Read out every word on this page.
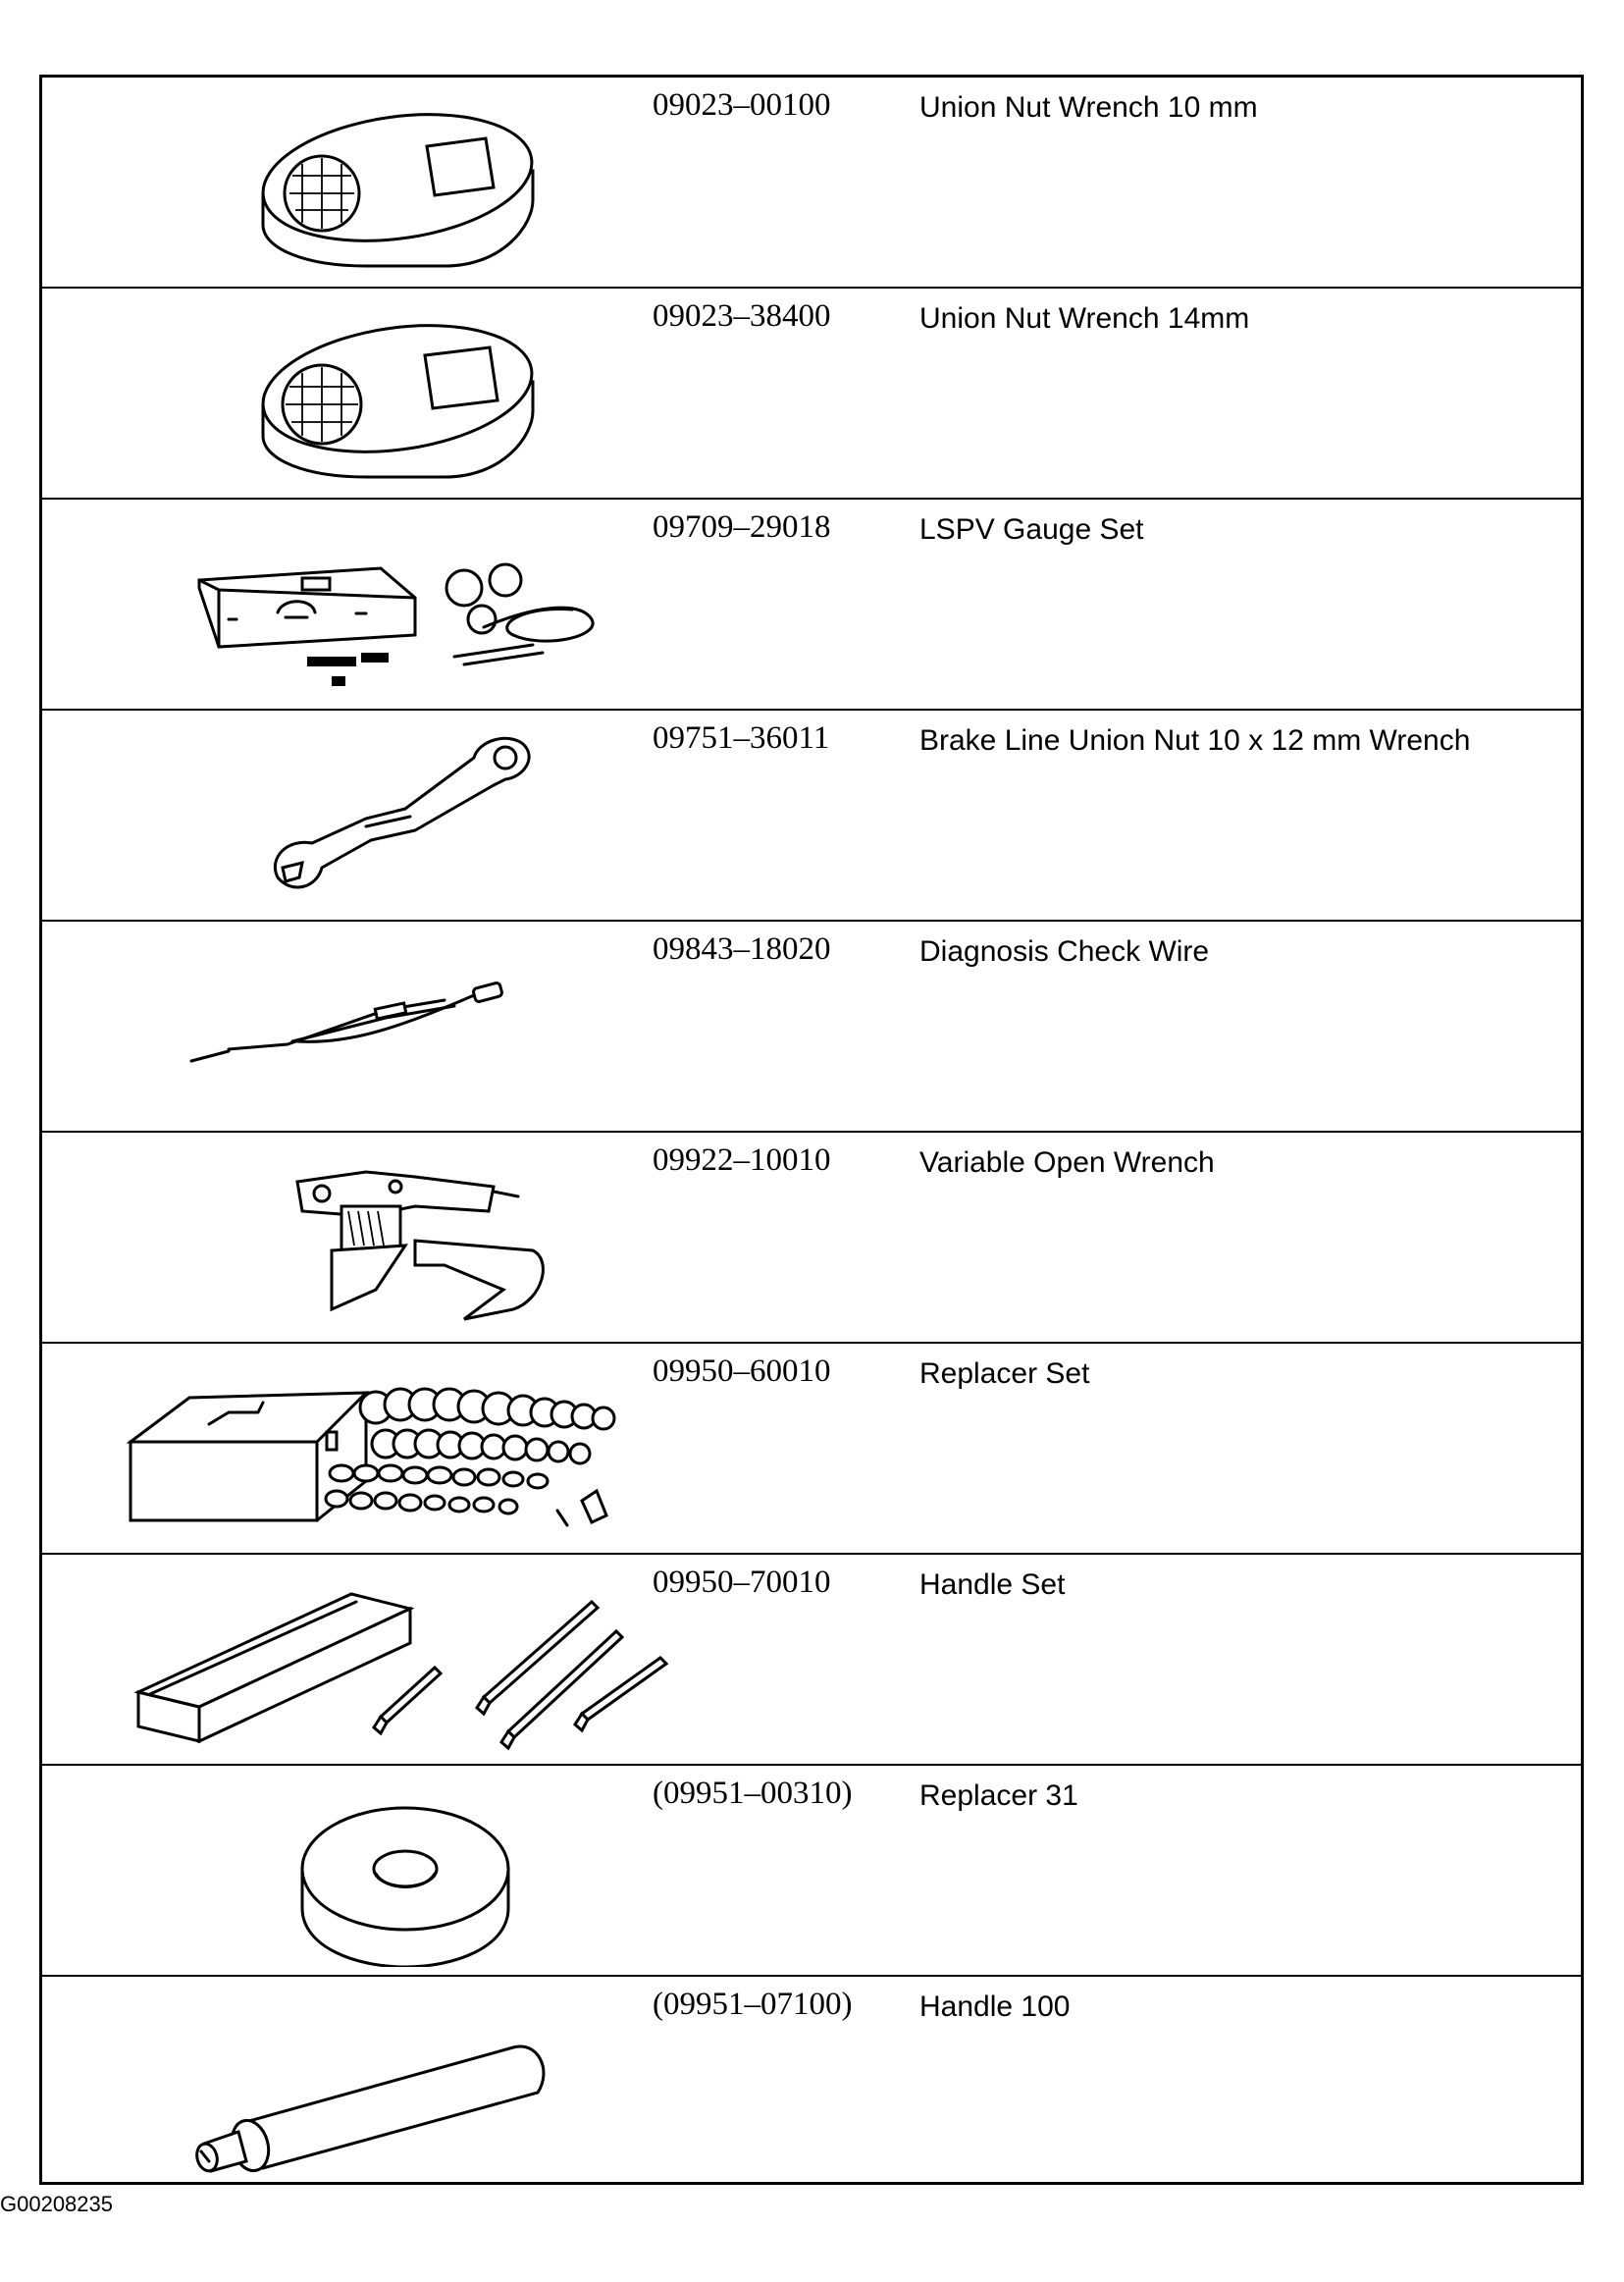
09023–00100	Union Nut Wrench 10 mm
09023–38400	Union Nut Wrench 14mm
09709–29018	LSPV Gauge Set
09751–36011	Brake Line Union Nut 10 x 12 mm Wrench
09843–18020	Diagnosis Check Wire
09922–10010	Variable Open Wrench
09950–60010	Replacer Set
09950–70010	Handle Set
(09951–00310) Replacer 31
(09951–07100) Handle 100
G00208235
